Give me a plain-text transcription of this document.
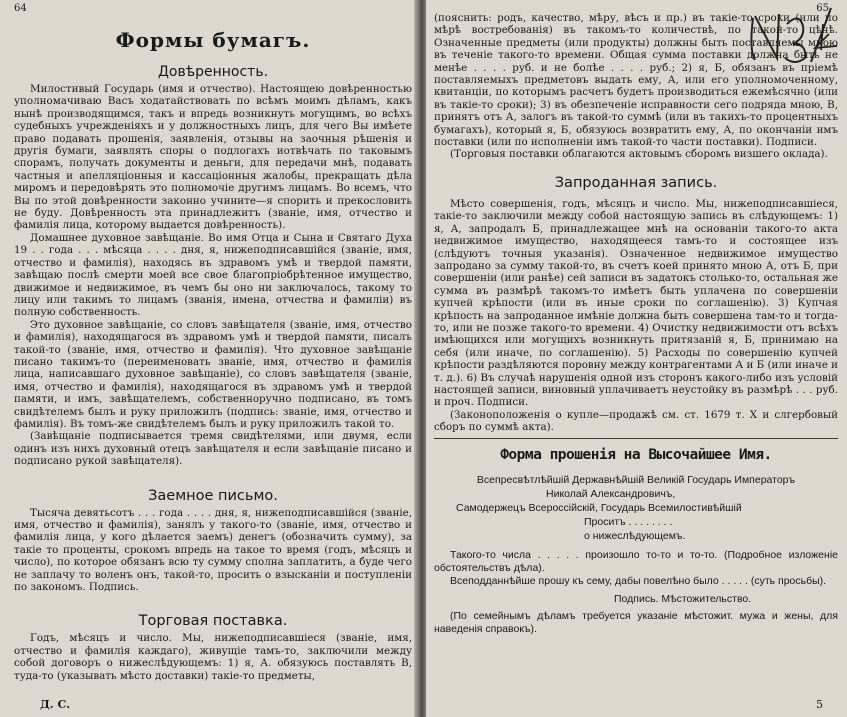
64
Формы бумагъ.
Довѣренность.

Милостивый Государь (имя и отчество). Настоящею довѣренностью уполномачиваю Васъ ходатайствовать по всѣмъ моимъ дѣламъ, какъ нынѣ производящимся, такъ и впредь возникнуть могущимъ, во всѣхъ судебныхъ учрежденіяхъ и у должностныхъ лицъ, для чего Вы имѣете право подавать прошенія, заявленія, отзывы на заочныя рѣшенія и другія бумаги, заявлять споры о подлогахъ иотвѣчать по таковымъ спорамъ, получать документы и деньги, для передачи мнѣ, подавать частныя и апелляціонныя и кассаціонныя жалобы, прекращать дѣла миромъ и передовѣрять это полномочіе другимъ лицамъ. Во всемъ, что Вы по этой довѣренности законно учините—я спорить и прекословить не буду. Довѣренность эта принадлежитъ (званіе, имя, отчество и фамилія лица, которому выдается довѣренность).

Домашнее духовное завѣщаніе. Во имя Отца и Сына и Святаго Духа 19 . . года . . . мѣсяца . . . . дня, я, нижеподписавшійся (званіе, имя, отчество и фамилія), находясь въ здравомъ умѣ и твердой памяти, завѣщаю послѣ смерти моей все свое благопріобрѣтенное имущество, движимое и недвижимое, въ чемъ бы оно ни заключалось, такому то лицу или такимъ то лицамъ (званія, имена, отчества и фамиліи) въ полную собственность.

Это духовное завѣщаніе, со словъ завѣщателя (званіе, имя, отчество и фамилія), находящагося въ здравомъ умѣ и твердой памяти, писалъ такой-то (званіе, имя, отчество и фамилія). Что духовное завѣщаніе писано такимъ-то (переименовать званіе, имя, отчество и фамилія лица, написавшаго духовное завѣщаніе), со словъ завѣщателя (званіе, имя, отчество и фамилія), находящагося въ здравомъ умѣ и твердой памяти, и имъ, завѣщателемъ, собственноручно подписано, въ томъ свидѣтелемъ былъ и руку приложилъ (подпись: званіе, имя, отчество и фамилія). Въ томъ-же свидѣтелемъ былъ и руку приложилъ такой то.

(Завѣщаніе подписывается тремя свидѣтелями, или двумя, если одинъ изъ нихъ духовный отецъ завѣщателя и если завѣщаніе писано и подписано рукой завѣщателя).

Заемное письмо.

Тысяча девятьсотъ . . . года . . . . дня, я, нижеподписавшійся (званіе, имя, отчество и фамилія), занялъ у такого-то (званіе, имя, отчество и фамилія лица, у кого дѣлается заемъ) денегъ (обозначить сумму), за такіе то проценты, срокомъ впредь на такое то время (годъ, мѣсяцъ и число), по которое обязанъ всю ту сумму сполна заплатить, а буде чего не заплачу то воленъ онъ, такой-то, просить о взысканіи и поступленіи по закономъ. Подпись.

Торговая поставка.

Годъ, мѣсяцъ и число. Мы, нижеподписавшіеся (званіе, имя, отчество и фамилія каждаго), живущіе тамъ-то, заключили между собой договоръ о нижеслѣдующемъ: 1) я, А. обязуюсь поставлять В, туда-то (указывать мѣсто доставки) такіе-то предметы,

Д. С.
65

(пояснить: родъ, качество, мѣру, вѣсъ и пр.) въ такіе-то сроки (или по мѣрѣ востребованія) въ такомъ-то количествѣ, по такой-то цѣнѣ. Означенные предметы (или продукты) должны быть поставляемы мною въ теченіе такого-то времени. Общая сумма поставки должна быть не менѣе . . . . руб. и не болѣе . . . . руб.; 2) я, Б, обязанъ въ пріемѣ поставляемыхъ предметовъ выдать ему, А, или его уполномоченному, квитанціи, по которымъ расчетъ будетъ производиться ежемѣсячно (или въ такіе-то сроки); 3) въ обезпеченіе исправности сего подряда мною, В, принятъ отъ А, залогъ въ такой-то суммѣ (или въ такихъ-то процентныхъ бумагахъ), который я, Б, обязуюсь возвратить ему, А, по окончаніи имъ поставки (или по исполненіи имъ такой-то части поставки). Подписи.

(Торговыя поставки облагаются актовымъ сборомъ визшего оклада).

Запроданная запись.

Мѣсто совершенія, годъ, мѣсяцъ и число. Мы, нижеподписавшіеся, такіе-то заключили между собой настоящую запись въ слѣдующемъ: 1) я, А, запродалъ Б, принадлежащее мнѣ на основаніи такого-то акта недвижимое имущество, находящееся тамъ-то и состоящее изъ (слѣдуютъ точныя указанія). Означенное недвижимое имущество запродано за сумму такой-то, въ счетъ коей принято мною А, отъ Б, при совершеніи (или ранѣе) сей записи въ задатокъ столько-то, остальная же сумма въ размѣрѣ такомъ-то имѣетъ быть уплачена по совершеніи купчей крѣпости (или въ иные сроки по соглашенію). 3) Купчая крѣпость на запроданное имѣніе должна быть совершена там-то и тогда-то, или не позже такого-то времени. 4) Очистку недвижимости отъ всѣхъ имѣющихся или могущихъ возникнуть притязаній я, Б, принимаю на себя (или иначе, по соглашенію). 5) Расходы по совершенію купчей крѣпости раздѣляются поровну между контрагентами А и Б (или иначе и т. д.). 6) Въ случаѣ нарушенія одной изъ сторонъ какого-либо изъ условій настоящей записи, виновный уплачиваетъ неустойку въ размѣрѣ . . . руб. и проч. Подписи.

(Законоположенія о купле—продажѣ см. ст. 1679 т. X и слгербовый сборъ по суммѣ акта).

Форма прошенія на Высочайшее Имя.
Всепресвѣтлѣйшій Державнѣйшій Великій Государь Императоръ
Николай Александровичъ,
Самодержецъ Всероссійскій, Государь Всемилостивѣйшій
Проситъ . . . . . . . .
о нижеслѣдующемъ.

Такого-то числа . . . . . произошло то-то и то-то. (Подробное изложеніе обстоятельствъ дѣла).

Всеподданнѣйше прошу къ сему, дабы повелѣно было . . . . . (суть просьбы).

Подпись. Мѣстожительство.

(По семейнымъ дѣламъ требуется указаніе мѣстожит. мужа и жены, для наведенія справокъ).

5
